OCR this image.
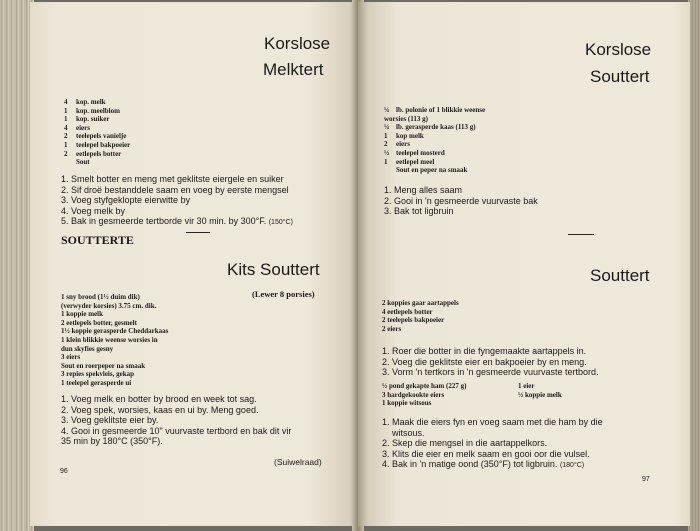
Korslose
Melktert
4 kop. melk
1 kop. meelblom
1 kop. suiker
4 eiers
2 teelepels vanielje
1 teelepel bakpoeier
2 eetlepels botter
Sout
1. Smelt botter en meng met geklitste eiergele en suiker
2. Sif droë bestanddele saam en voeg by eerste mengsel
3. Voeg styfgeklopte eierwitte by
4. Voeg melk by
5. Bak in gesmeerde tertborde vir 30 min. by 300°F. (150°C)
SOUTTERTE
Kits Souttert
(Lewer 8 porsies)
1 sny brood (1½ duim dik)
(verwyder korsies) 3.75 cm. dik.
1 koppie melk
2 eetlepels botter, gesmelt
1½ koppie gerasperde Cheddarkaas
1 klein blikkie weense worsies in
dun skyfies gesny
3 eiers
Sout en roerpeper na smaak
3 repies spekvleis, gekap
1 teelepel gerasperde ui
1. Voeg melk en botter by brood en week tot sag.
2. Voeg spek, worsies, kaas en ui by. Meng goed.
3. Voeg geklitste eier by.
4. Gooi in gesmeerde 10" vuurvaste tertbord en bak dit vir
35 min by 180°C (350°F).
(Suiwelraad)
96
Korslose
Souttert
¼ lb. polonie of 1 blikkie weense
worsies (113 g)
¼ lb. gerasperde kaas (113 g)
1 kop melk
2 eiers
½ teelepel mosterd
1 eetlepel meel
Sout en peper na smaak
1. Meng alles saam
2. Gooi in 'n gesmeerde vuurvaste bak
3. Bak tot ligbruin
Souttert
2 koppies gaar aartappels
4 eetlepels botter
2 teelepels bakpoeier
2 eiers
1. Roer die botter in die fyngemaakte aartappels in.
2. Voeg die geklitste eier en bakpoeier by en meng.
3. Vorm 'n tertkors in 'n gesmeerde vuurvaste tertbord.
½ pond gekapte ham (227 g)
3 hardgekookte eiers
1 koppie witsous
1 eier
½ koppie melk
1. Maak die eiers fyn en voeg saam met die ham by die
witsous.
2. Skep die mengsel in die aartappelkors.
3. Klits die eier en melk saam en gooi oor die vulsel.
4. Bak in 'n matige oond (350°F) tot ligbruin. (180°C)
97
